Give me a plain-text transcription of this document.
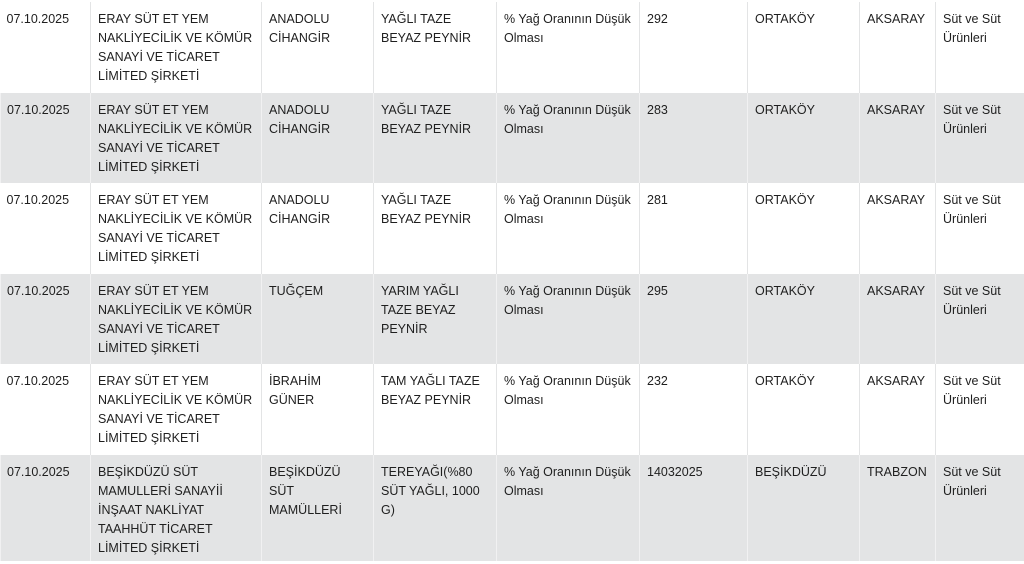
07.10.2025	ERAY SÜT ET YEM NAKLİYECİLİK VE KÖMÜR SANAYİ VE TİCARET LİMİTED ŞİRKETİ	ANADOLU CİHANGİR	YAĞLI TAZE BEYAZ PEYNİR	% Yağ Oranının Düşük Olması	292	ORTAKÖY	AKSARAY	Süt ve Süt Ürünleri
07.10.2025	ERAY SÜT ET YEM NAKLİYECİLİK VE KÖMÜR SANAYİ VE TİCARET LİMİTED ŞİRKETİ	ANADOLU CİHANGİR	YAĞLI TAZE BEYAZ PEYNİR	% Yağ Oranının Düşük Olması	283	ORTAKÖY	AKSARAY	Süt ve Süt Ürünleri
07.10.2025	ERAY SÜT ET YEM NAKLİYECİLİK VE KÖMÜR SANAYİ VE TİCARET LİMİTED ŞİRKETİ	ANADOLU CİHANGİR	YAĞLI TAZE BEYAZ PEYNİR	% Yağ Oranının Düşük Olması	281	ORTAKÖY	AKSARAY	Süt ve Süt Ürünleri
07.10.2025	ERAY SÜT ET YEM NAKLİYECİLİK VE KÖMÜR SANAYİ VE TİCARET LİMİTED ŞİRKETİ	TUĞÇEM	YARIM YAĞLI TAZE BEYAZ PEYNİR	% Yağ Oranının Düşük Olması	295	ORTAKÖY	AKSARAY	Süt ve Süt Ürünleri
07.10.2025	ERAY SÜT ET YEM NAKLİYECİLİK VE KÖMÜR SANAYİ VE TİCARET LİMİTED ŞİRKETİ	İBRAHİM GÜNER	TAM YAĞLI TAZE BEYAZ PEYNİR	% Yağ Oranının Düşük Olması	232	ORTAKÖY	AKSARAY	Süt ve Süt Ürünleri
07.10.2025	BEŞİKDÜZÜ SÜT MAMULLERİ SANAYİİ İNŞAAT NAKLİYAT TAAHHÜT TİCARET LİMİTED ŞİRKETİ	BEŞİKDÜZÜ SÜT MAMÜLLERİ	TEREYAĞI(%80 SÜT YAĞLI, 1000 G)	% Yağ Oranının Düşük Olması	14032025	BEŞİKDÜZÜ	TRABZON	Süt ve Süt Ürünleri
